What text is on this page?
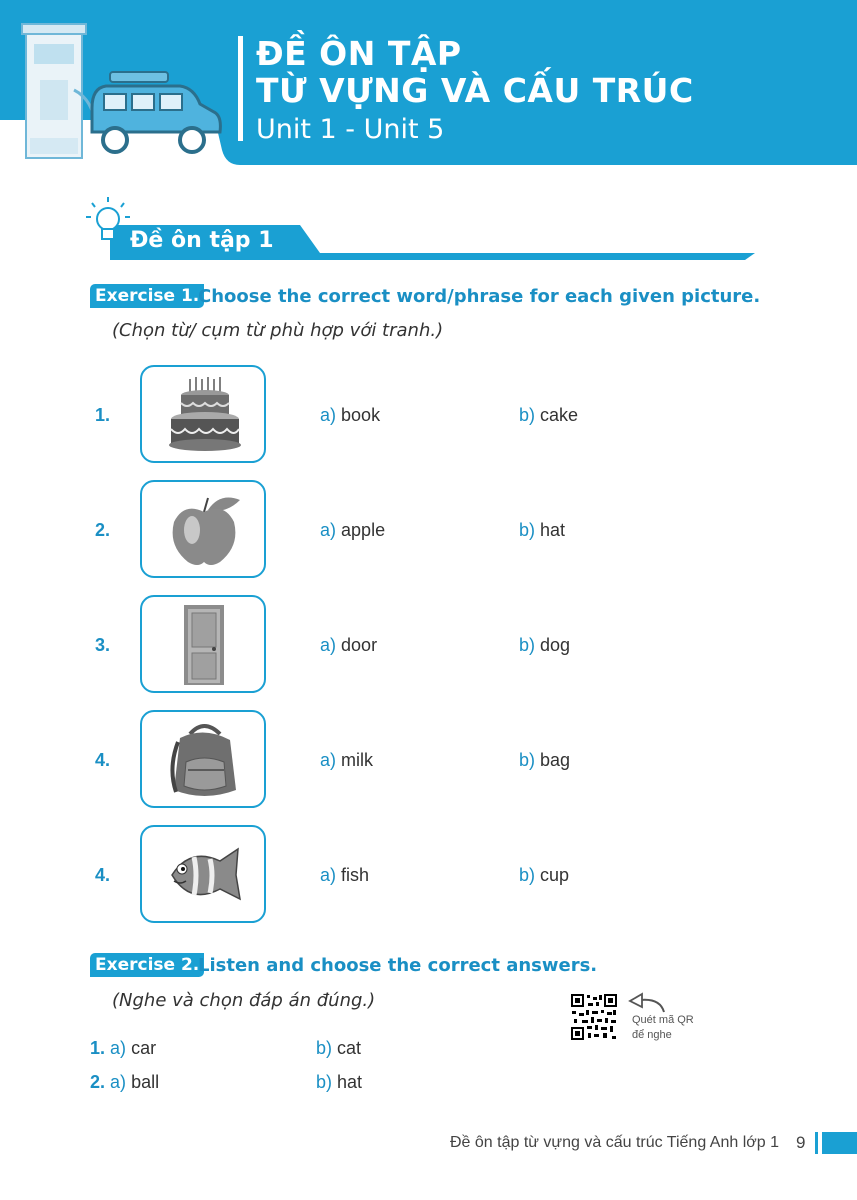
ĐỀ ÔN TẬP
TỪ VỰNG VÀ CẤU TRÚC
Unit 1 - Unit 5
Đề ôn tập 1
Exercise 1.
Choose the correct word/phrase for each given picture.
(Chọn từ/ cụm từ phù hợp với tranh.)
1.	a) book	b) cake
2.	a) apple	b) hat
3.	a) door	b) dog
4.	a) milk	b) bag
4.	a) fish	b) cup
Exercise 2.
Listen and choose the correct answers.
(Nghe và chọn đáp án đúng.)
Quét mã QR
để nghe
1. a) car	b) cat
2. a) ball	b) hat
Đề ôn tập từ vựng và cấu trúc Tiếng Anh lớp 1 9
